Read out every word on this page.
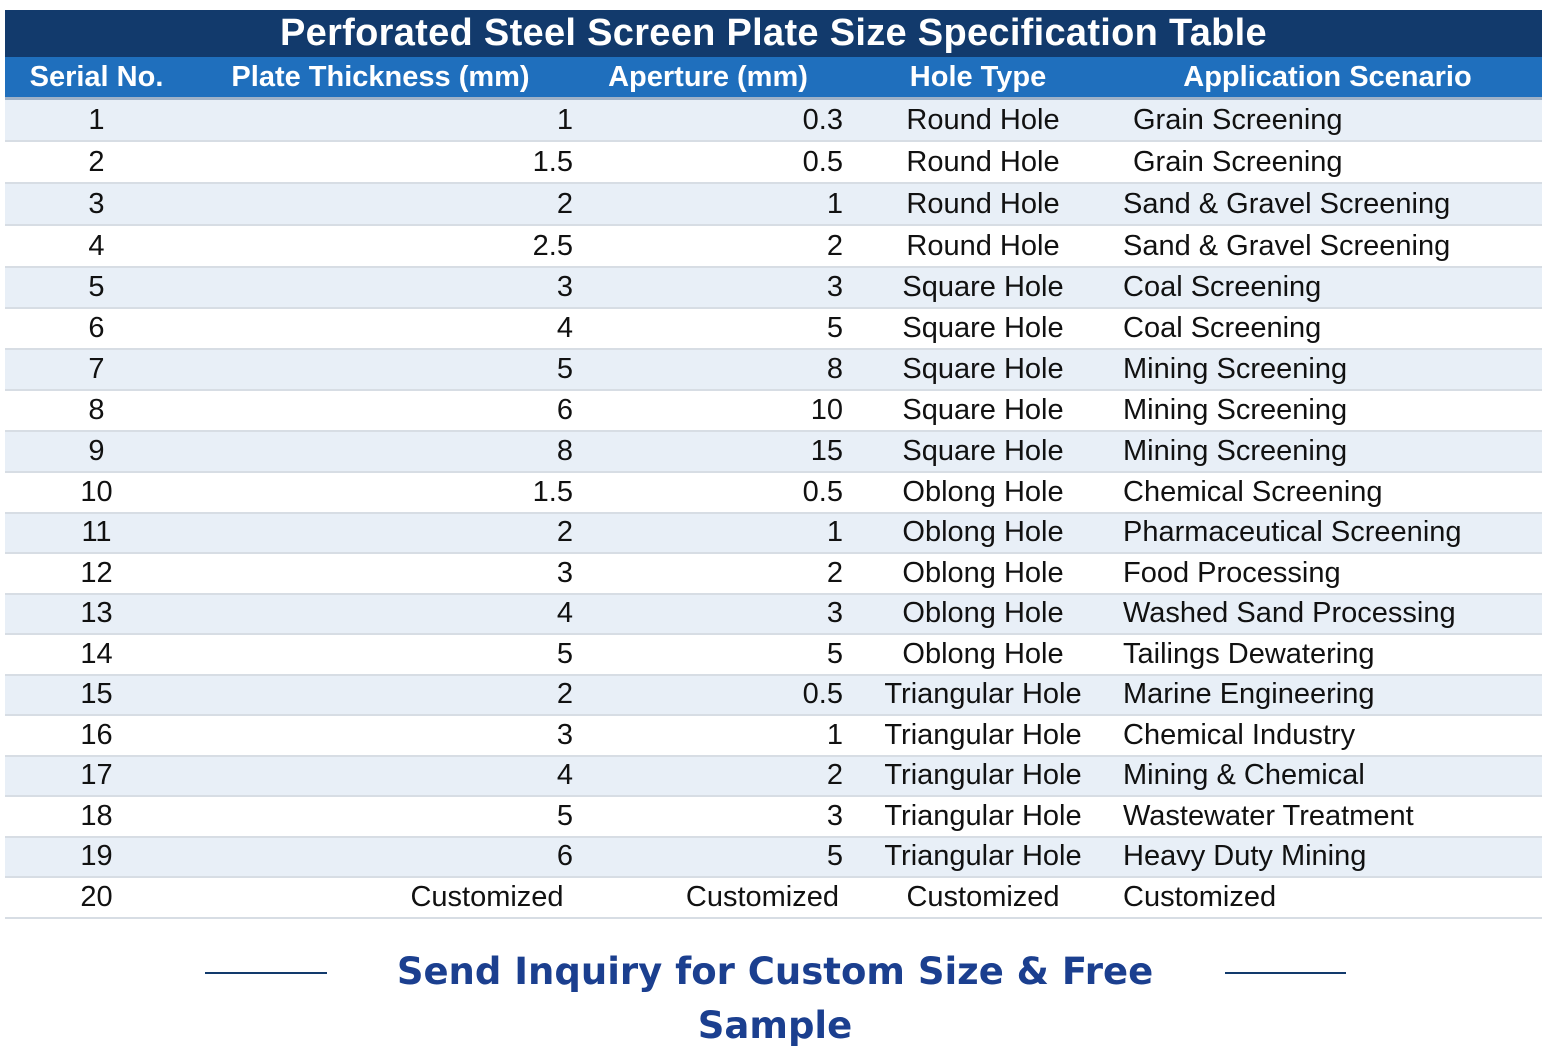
Perforated Steel Screen Plate Size Specification Table
Serial No.	Plate Thickness (mm)	Aperture (mm)	Hole Type	Application Scenario
1	1	0.3	Round Hole	Grain Screening
2	1.5	0.5	Round Hole	Grain Screening
3	2	1	Round Hole	Sand & Gravel Screening
4	2.5	2	Round Hole	Sand & Gravel Screening
5	3	3	Square Hole	Coal Screening
6	4	5	Square Hole	Coal Screening
7	5	8	Square Hole	Mining Screening
8	6	10	Square Hole	Mining Screening
9	8	15	Square Hole	Mining Screening
10	1.5	0.5	Oblong Hole	Chemical Screening
11	2	1	Oblong Hole	Pharmaceutical Screening
12	3	2	Oblong Hole	Food Processing
13	4	3	Oblong Hole	Washed Sand Processing
14	5	5	Oblong Hole	Tailings Dewatering
15	2	0.5	Triangular Hole	Marine Engineering
16	3	1	Triangular Hole	Chemical Industry
17	4	2	Triangular Hole	Mining & Chemical
18	5	3	Triangular Hole	Wastewater Treatment
19	6	5	Triangular Hole	Heavy Duty Mining
20	Customized	Customized	Customized	Customized
Send Inquiry for Custom Size & Free Sample
